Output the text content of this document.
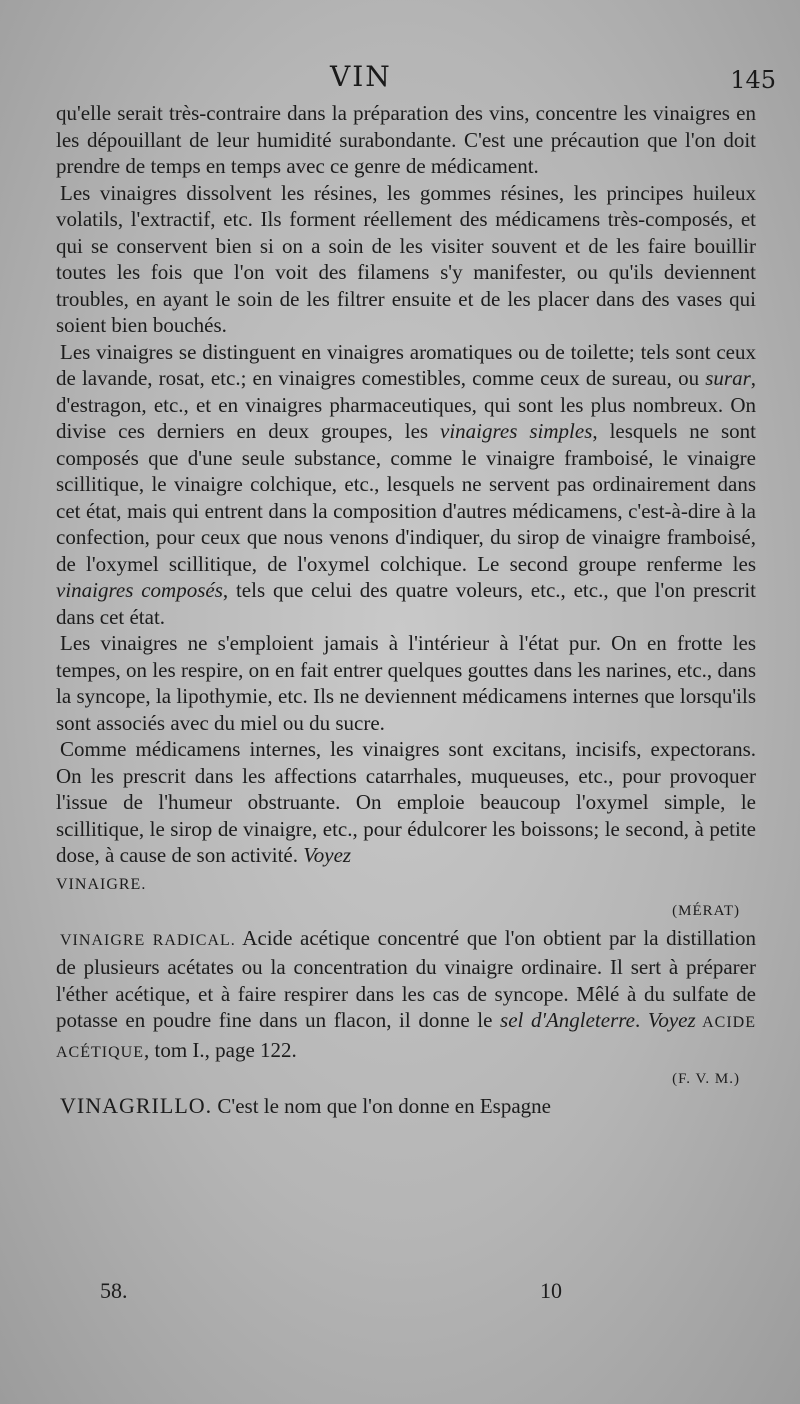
VIN	145

qu'elle serait très-contraire dans la préparation des vins, concentre les vinaigres en les dépouillant de leur humidité surabondante. C'est une précaution que l'on doit prendre de temps en temps avec ce genre de médicament.

Les vinaigres dissolvent les résines, les gommes résines, les principes huileux volatils, l'extractif, etc. Ils forment réellement des médicamens très-composés, et qui se conservent bien si on a soin de les visiter souvent et de les faire bouillir toutes les fois que l'on voit des filamens s'y manifester, ou qu'ils deviennent troubles, en ayant le soin de les filtrer ensuite et de les placer dans des vases qui soient bien bouchés.

Les vinaigres se distinguent en vinaigres aromatiques ou de toilette; tels sont ceux de lavande, rosat, etc.; en vinaigres comestibles, comme ceux de sureau, ou surar, d'estragon, etc., et en vinaigres pharmaceutiques, qui sont les plus nombreux. On divise ces derniers en deux groupes, les vinaigres simples, lesquels ne sont composés que d'une seule substance, comme le vinaigre framboisé, le vinaigre scillitique, le vinaigre colchique, etc., lesquels ne servent pas ordinairement dans cet état, mais qui entrent dans la composition d'autres médicamens, c'est-à-dire à la confection, pour ceux que nous venons d'indiquer, du sirop de vinaigre framboisé, de l'oxymel scillitique, de l'oxymel colchique. Le second groupe renferme les vinaigres composés, tels que celui des quatre voleurs, etc., etc., que l'on prescrit dans cet état.

Les vinaigres ne s'emploient jamais à l'intérieur à l'état pur. On en frotte les tempes, on les respire, on en fait entrer quelques gouttes dans les narines, etc., dans la syncope, la lipothymie, etc. Ils ne deviennent médicamens internes que lorsqu'ils sont associés avec du miel ou du sucre.

Comme médicamens internes, les vinaigres sont excitans, incisifs, expectorans. On les prescrit dans les affections catarrhales, muqueuses, etc., pour provoquer l'issue de l'humeur obstruante. On emploie beaucoup l'oxymel simple, le scillitique, le sirop de vinaigre, etc., pour édulcorer les boissons; le second, à petite dose, à cause de son activité. Voyez
VINAIGRE.

(MÉRAT)

VINAIGRE RADICAL. Acide acétique concentré que l'on obtient par la distillation de plusieurs acétates ou la concentration du vinaigre ordinaire. Il sert à préparer l'éther acétique, et à faire respirer dans les cas de syncope. Mêlé à du sulfate de potasse en poudre fine dans un flacon, il donne le sel d'Angleterre. Voyez ACIDE ACÉTIQUE, tom I., page 122.

(F. V. M.)

VINAGRILLO. C'est le nom que l'on donne en Espagne

58.	10
